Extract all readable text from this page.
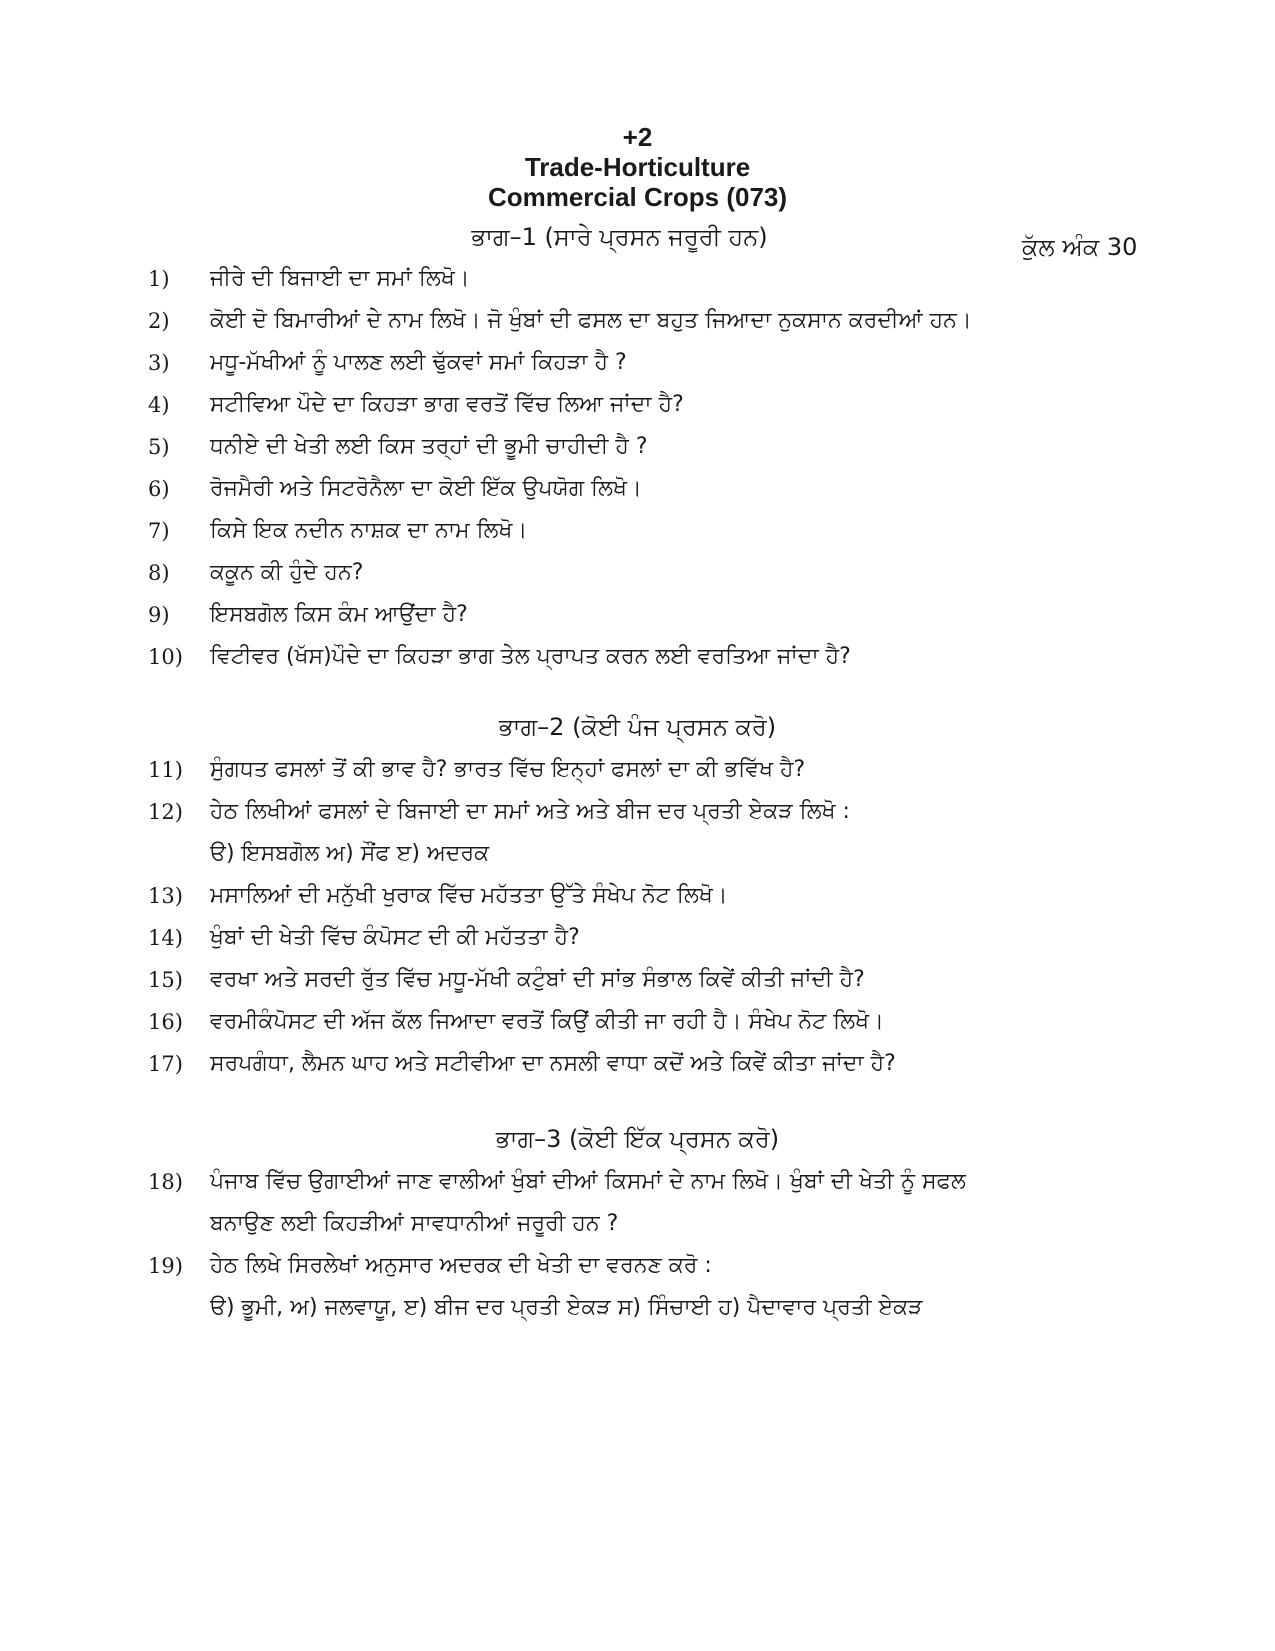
+2
Trade-Horticulture
Commercial Crops (073)
ਭਾਗ–1 (ਸਾਰੇ ਪ੍ਰਸਨ ਜਰੂਰੀ ਹਨ)	ਕੁੱਲ ਅੰਕ 30
1)	ਜੀਰੇ ਦੀ ਬਿਜਾਈ ਦਾ ਸਮਾਂ ਲਿਖੋ।
2)	ਕੋਈ ਦੋ ਬਿਮਾਰੀਆਂ ਦੇ ਨਾਮ ਲਿਖੋ। ਜੋ ਖੁੰਬਾਂ ਦੀ ਫਸਲ ਦਾ ਬਹੁਤ ਜਿਆਦਾ ਨੁਕਸਾਨ ਕਰਦੀਆਂ ਹਨ।
3)	ਮਧੂ-ਮੱਖੀਆਂ ਨੂੰ ਪਾਲਣ ਲਈ ਢੁੱਕਵਾਂ ਸਮਾਂ ਕਿਹੜਾ ਹੈ ?
4)	ਸਟੀਵਿਆ ਪੌਦੇ ਦਾ ਕਿਹੜਾ ਭਾਗ ਵਰਤੋਂ ਵਿੱਚ ਲਿਆ ਜਾਂਦਾ ਹੈ?
5)	ਧਨੀਏ ਦੀ ਖੇਤੀ ਲਈ ਕਿਸ ਤਰ੍ਹਾਂ ਦੀ ਭੂਮੀ ਚਾਹੀਦੀ ਹੈ ?
6)	ਰੋਜਮੈਰੀ ਅਤੇ ਸਿਟਰੋਨੈਲਾ ਦਾ ਕੋਈ ਇੱਕ ਉਪਯੋਗ ਲਿਖੋ।
7)	ਕਿਸੇ ਇਕ ਨਦੀਨ ਨਾਸ਼ਕ ਦਾ ਨਾਮ ਲਿਖੋ।
8)	ਕਕੂਨ ਕੀ ਹੁੰਦੇ ਹਨ?
9)	ਇਸਬਗੋਲ ਕਿਸ ਕੰਮ ਆਉਂਦਾ ਹੈ?
10)	ਵਿਟੀਵਰ (ਖੱਸ)ਪੌਦੇ ਦਾ ਕਿਹੜਾ ਭਾਗ ਤੇਲ ਪ੍ਰਾਪਤ ਕਰਨ ਲਈ ਵਰਤਿਆ ਜਾਂਦਾ ਹੈ?
ਭਾਗ–2 (ਕੋਈ ਪੰਜ ਪ੍ਰਸਨ ਕਰੋ)
11)	ਸੁੰਗਧਤ ਫਸਲਾਂ ਤੋਂ ਕੀ ਭਾਵ ਹੈ? ਭਾਰਤ ਵਿੱਚ ਇਨ੍ਹਾਂ ਫਸਲਾਂ ਦਾ ਕੀ ਭਵਿੱਖ ਹੈ?
12)	ਹੇਠ ਲਿਖੀਆਂ ਫਸਲਾਂ ਦੇ ਬਿਜਾਈ ਦਾ ਸਮਾਂ ਅਤੇ ਅਤੇ ਬੀਜ ਦਰ ਪ੍ਰਤੀ ਏਕੜ ਲਿਖੋ :
ੳ) ਇਸਬਗੋਲ ਅ) ਸੌਂਫ ੲ) ਅਦਰਕ
13)	ਮਸਾਲਿਆਂ ਦੀ ਮਨੁੱਖੀ ਖੁਰਾਕ ਵਿੱਚ ਮਹੱਤਤਾ ਉੱਤੇ ਸੰਖੇਪ ਨੋਟ ਲਿਖੋ।
14)	ਖੁੰਬਾਂ ਦੀ ਖੇਤੀ ਵਿੱਚ ਕੰਪੋਸਟ ਦੀ ਕੀ ਮਹੱਤਤਾ ਹੈ?
15)	ਵਰਖਾ ਅਤੇ ਸਰਦੀ ਰੁੱਤ ਵਿੱਚ ਮਧੂ-ਮੱਖੀ ਕਟੁੰਬਾਂ ਦੀ ਸਾਂਭ ਸੰਭਾਲ ਕਿਵੇਂ ਕੀਤੀ ਜਾਂਦੀ ਹੈ?
16)	ਵਰਮੀਕੰਪੋਸਟ ਦੀ ਅੱਜ ਕੱਲ ਜਿਆਦਾ ਵਰਤੋਂ ਕਿਉਂ ਕੀਤੀ ਜਾ ਰਹੀ ਹੈ। ਸੰਖੇਪ ਨੋਟ ਲਿਖੋ।
17)	ਸਰਪਗੰਧਾ, ਲੈਮਨ ਘਾਹ ਅਤੇ ਸਟੀਵੀਆ ਦਾ ਨਸਲੀ ਵਾਧਾ ਕਦੋਂ ਅਤੇ ਕਿਵੇਂ ਕੀਤਾ ਜਾਂਦਾ ਹੈ?
ਭਾਗ–3 (ਕੋਈ ਇੱਕ ਪ੍ਰਸਨ ਕਰੋ)
18)	ਪੰਜਾਬ ਵਿੱਚ ਉਗਾਈਆਂ ਜਾਣ ਵਾਲੀਆਂ ਖੁੰਬਾਂ ਦੀਆਂ ਕਿਸਮਾਂ ਦੇ ਨਾਮ ਲਿਖੋ। ਖੁੰਬਾਂ ਦੀ ਖੇਤੀ ਨੂੰ ਸਫਲ
ਬਨਾਉਣ ਲਈ ਕਿਹੜੀਆਂ ਸਾਵਧਾਨੀਆਂ ਜਰੂਰੀ ਹਨ ?
19)	ਹੇਠ ਲਿਖੇ ਸਿਰਲੇਖਾਂ ਅਨੁਸਾਰ ਅਦਰਕ ਦੀ ਖੇਤੀ ਦਾ ਵਰਨਣ ਕਰੋ :
ੳ) ਭੂਮੀ, ਅ) ਜਲਵਾਯੂ, ੲ) ਬੀਜ ਦਰ ਪ੍ਰਤੀ ਏਕੜ ਸ) ਸਿੰਚਾਈ ਹ) ਪੈਦਾਵਾਰ ਪ੍ਰਤੀ ਏਕੜ
